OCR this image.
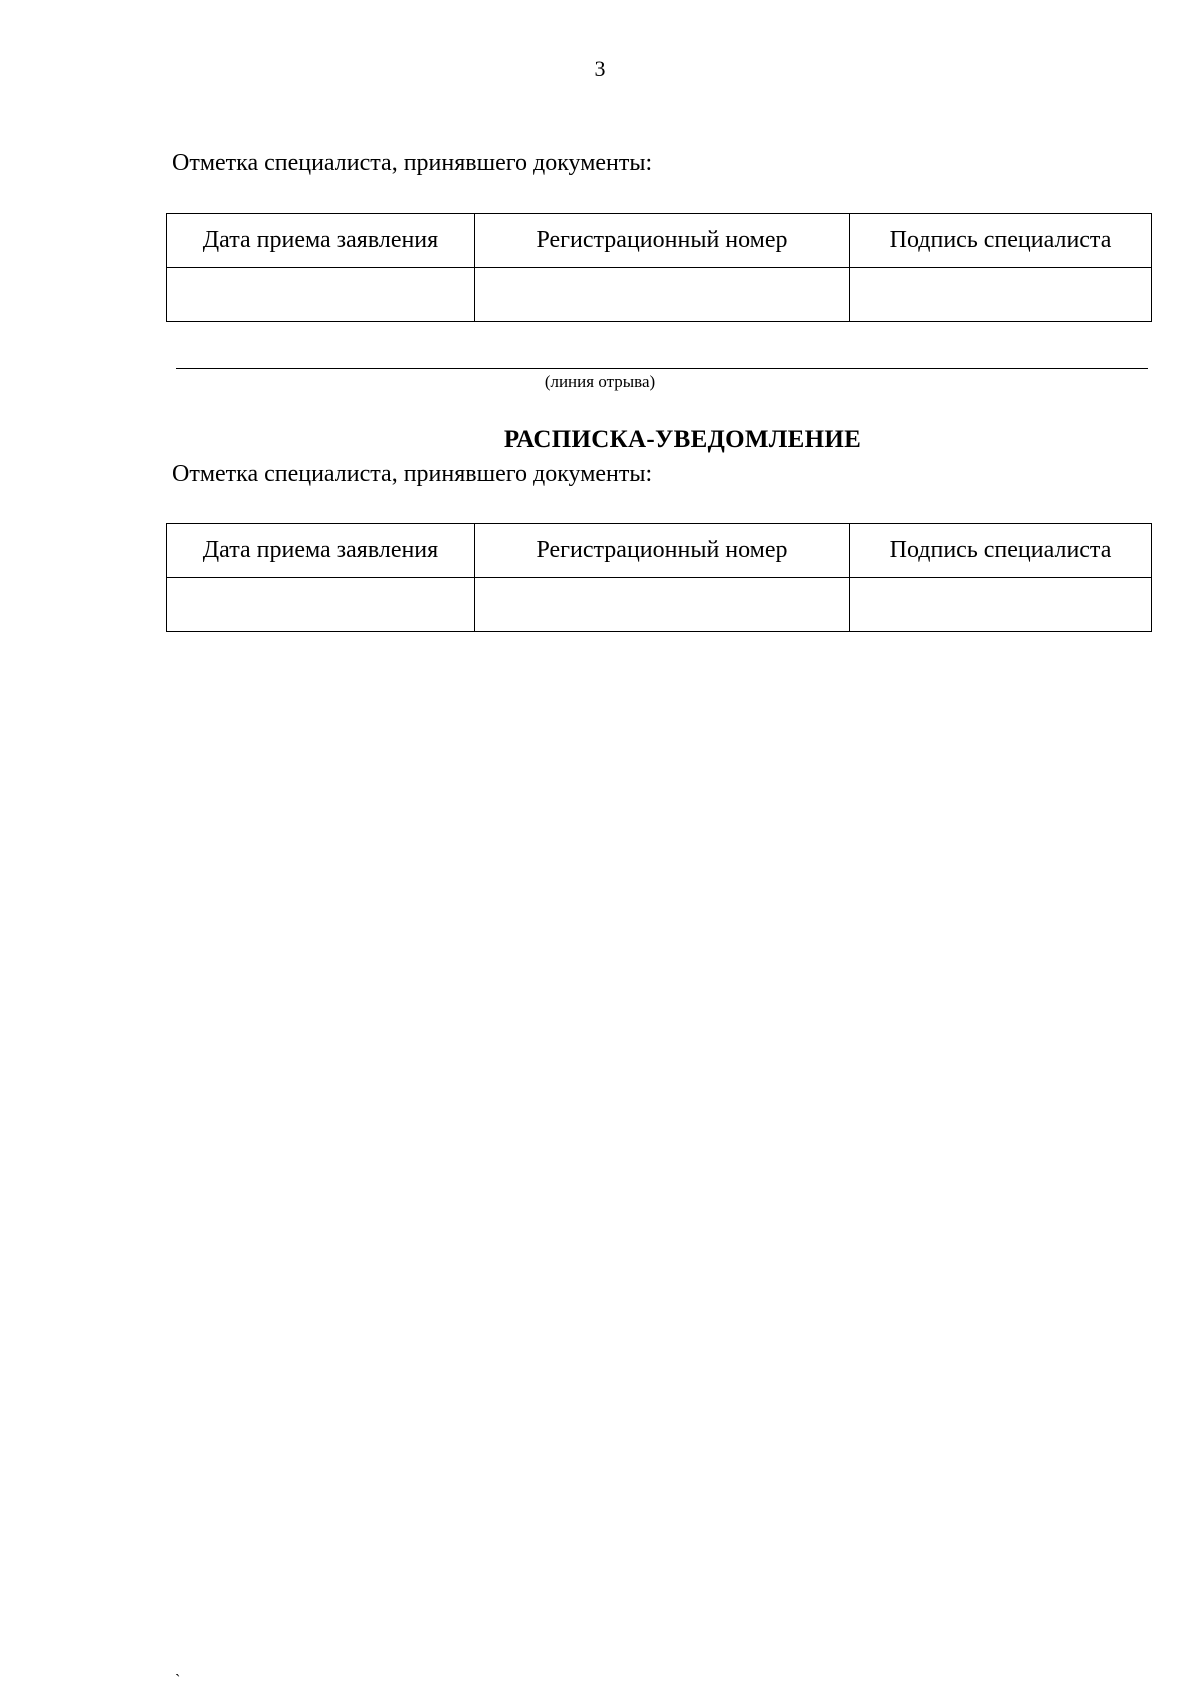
3
Отметка специалиста, принявшего документы:
Дата приема заявления	Регистрационный номер	Подпись специалиста

(линия отрыва)
РАСПИСКА-УВЕДОМЛЕНИЕ
Отметка специалиста, принявшего документы:
Дата приема заявления	Регистрационный номер	Подпись специалиста

`
